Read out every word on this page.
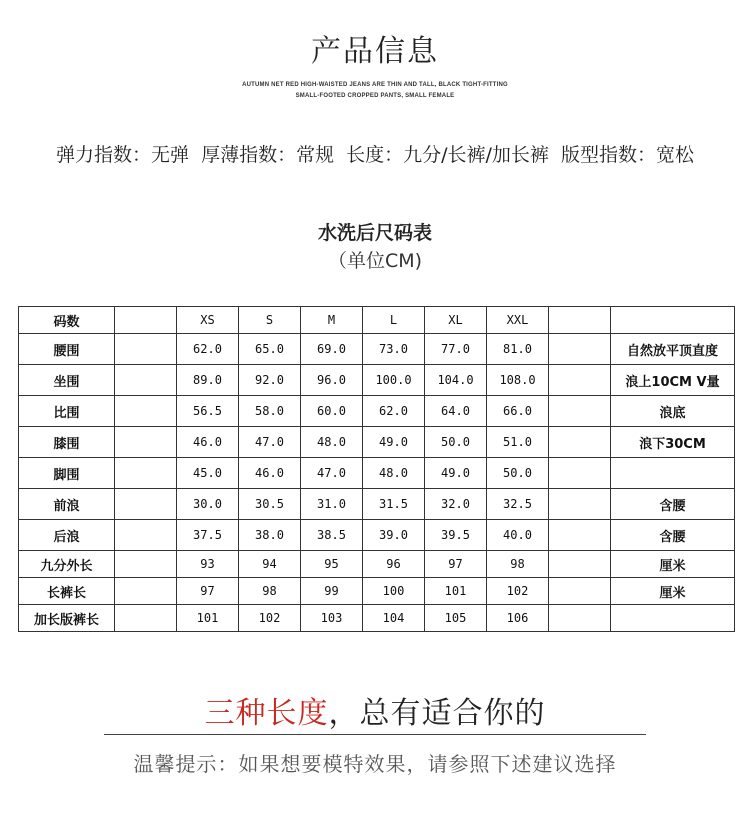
产品信息
AUTUMN NET RED HIGH-WAISTED JEANS ARE THIN AND TALL, BLACK TIGHT-FITTING
SMALL-FOOTED CROPPED PANTS, SMALL FEMALE
弹力指数：无弹 厚薄指数：常规 长度：九分/长裤/加长裤 版型指数：宽松
水洗后尺码表
（单位CM)
码数		XS	S	M	L	XL	XXL		
腰围		62.0	65.0	69.0	73.0	77.0	81.0		自然放平顶直度
坐围		89.0	92.0	96.0	100.0	104.0	108.0		浪上10CM V量
比围		56.5	58.0	60.0	62.0	64.0	66.0		浪底
膝围		46.0	47.0	48.0	49.0	50.0	51.0		浪下30CM
脚围		45.0	46.0	47.0	48.0	49.0	50.0		
前浪		30.0	30.5	31.0	31.5	32.0	32.5		含腰
后浪		37.5	38.0	38.5	39.0	39.5	40.0		含腰
九分外长		93	94	95	96	97	98		厘米
长裤长		97	98	99	100	101	102		厘米
加长版裤长		101	102	103	104	105	106		
三种长度，总有适合你的
温馨提示：如果想要模特效果，请参照下述建议选择
